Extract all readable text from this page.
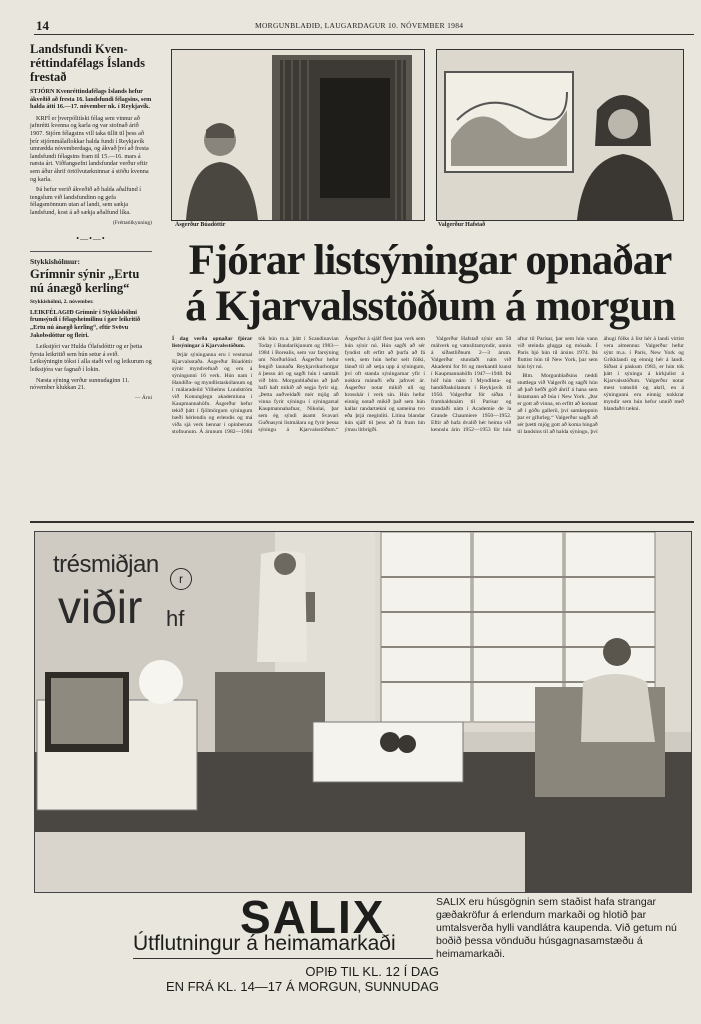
14	MORGUNBLAÐIÐ, LAUGARDAGUR 10. NÓVEMBER 1984
Landsfundi Kvenréttindafélags Íslands frestað

STJÓRN Kvenréttindafélags Íslands hefur ákveðið að fresta 16. landsfundi félagsins, sem halda átti 16.—17. nóvember nk. í Reykjavík.

KRFÍ er þverpólitískt félag sem vinnur að jafnrétti kvenna og karla og var stofnað árið 1907. Stjórn félagsins vill taka tillit til þess að þrír stjórnmálaflokkar halda fundi í Reykjavík umrædda nóvemberdaga, og ákvað því að fresta landsfundi félagsins fram til 15.—16. mars á næsta ári. Viðfangsefni landsfundar verður eftir sem áður áhrif örtölvutækninnar á stöðu kvenna og karla.

Þá hefur verið ákveðið að halda aðalfund í tengslum við landsfundinn og gefa félagsmönnum utan af landi, sem sækja landsfund, kost á að sækja aðalfund líka.

(Fréttatilkynning)
•—•—•
Stykkishólmur:
Grímnir sýnir „Ertu nú ánægð kerling“
Stykkishólmi, 2. nóvember.

LEIKFÉLAGIÐ Grímnir í Stykkishólmi frumsýndi í félagsheimilinu í gær leikritið „Ertu nú ánægð kerling“, eftir Svövu Jakobsdóttur og fleiri.

Leikstjóri var Hulda Ólafsdóttir og er þetta fyrsta leikritið sem hún setur á svið. Leiksýningin tókst í alla staði vel og leikurum og leikstjóra var fagnað í lokin.

Næsta sýning verður sunnudaginn 11. nóvember klukkan 21.

— Árni
Ásgerður Búadóttir	Valgerður Hafstað
Fjórar listsýningar opnaðar á Kjarvalsstöðum á morgun

Í dag verða opnaðar fjórar listsýningar á Kjarvalsstöðum.

Þrjár sýninganna eru í vestursal Kjarvalsstaða. Ásgerður Búadóttir sýnir myndvefnað og eru á sýningunni 16 verk. Hún nam í Handíða- og myndlistaskólanum og í málaradeild Vilhelms Lundström við Konunglegu akademíuna í Kaupmannahöfn. Ásgerður hefur tekið þátt í fjölmörgum sýningum bæði hérlendis og erlendis og má víða sjá verk hennar í opinberum stofnunum. Á árunum 1982—1984 tók hún m.a. þátt í Scandinavian Today í Bandaríkjunum og 1983—1984 í Borealis, sem var farsýning um Norðurlönd. Ásgerður hefur fengið launaða Reykjavíkurborgar á þessu ári og sagði hún í samtali við blm. Morgunblaðsins að það hafi haft mikið að segja fyrir sig. „Þetta auðveldaði mér mjög að vinna fyrir sýningu í sýningarsal Kaupmannahafnar, Nikolai, þar sem ég sýndi ásamt Svavari Guðnasyni listmálara og fyrir þessa sýningu á Kjarvalsstöðum.“ Ásgerður á sjálf flest þau verk sem hún sýnir nú. Hún sagði að sér fyndist oft erfitt að þurfa að fá verk, sem hún hefur selt fólki, lánuð til að setja upp á sýningum, því oft standa sýningarnar yfir í nokkra mánuði eða jafnvel ár. Ásgerður notar mikið ull og hrosshár í verk sín. Hún hefur einnig notað mikið það sem hún kallar randartækni og sameina tvo eða þrjá meginliti. Litina blandar hún sjálf til þess að fá fram hin ýmsu litbrigði.

Valgerður Hafstað sýnir um 50 málverk og vatnslitamyndir, unnin á síðastliðnum 2—3 árum. Valgerður stundaði nám við Akademí for fri og merkantil kunst í Kaupmannahöfn 1947—1948. Þá hóf hún nám í Myndlista- og handíðaskólanum í Reykjavík til 1950. Valgerður fór síðan í framhaldsnám til Parísar og stundaði nám í Academie de la Grande Chaumiere 1950—1952. Eftir að hafa dvalið hér heima við kennslu árin 1952—1953 fór hún aftur til Parísar, þar sem hún vann við steinda glugga og mósaík. Í París bjó hún til ársins 1974. Þá fluttist hún til New York, þar sem hún býr nú.

Blm. Morgunblaðsins ræddi stuttlega við Valgerði og sagði hún að það hefði góð áhrif á hana sem listamann að búa í New York. „Þar er gott að vinna, en erfitt að komast að í góðu galleríi, því samkeppnin þar er gífurleg.“ Valgerður sagði að sér þætti mjög gott að koma hingað til landsins til að halda sýningu, því áhugi fólks á list hér á landi virtist vera almennur. Valgerður hefur sýnt m.a. í París, New York og Grikklandi og einnig hér á landi. Síðast á páskum 1983, er hún tók þátt í sýningu á kirkjulist á Kjarvalsstöðum. Valgerður notar mest vatnsliti og akríl, en á sýningunni eru einnig nokkrar myndir sem hún hefur unnið með blandaðri tækni.

trésmiðjan
viðir
r
hf
SALIX
Útflutningur á heimamarkaði
OPIÐ TIL KL. 12 Í DAG
EN FRÁ KL. 14—17 Á MORGUN, SUNNUDAG
SALIX eru húsgögnin sem staðist hafa strangar gæðakröfur á erlendum markaði og hlotið þar umtalsverða hylli vandlátra kaupenda. Við getum nú boðið þessa vönduðu húsgagnasamstæðu á heimamarkaði.
